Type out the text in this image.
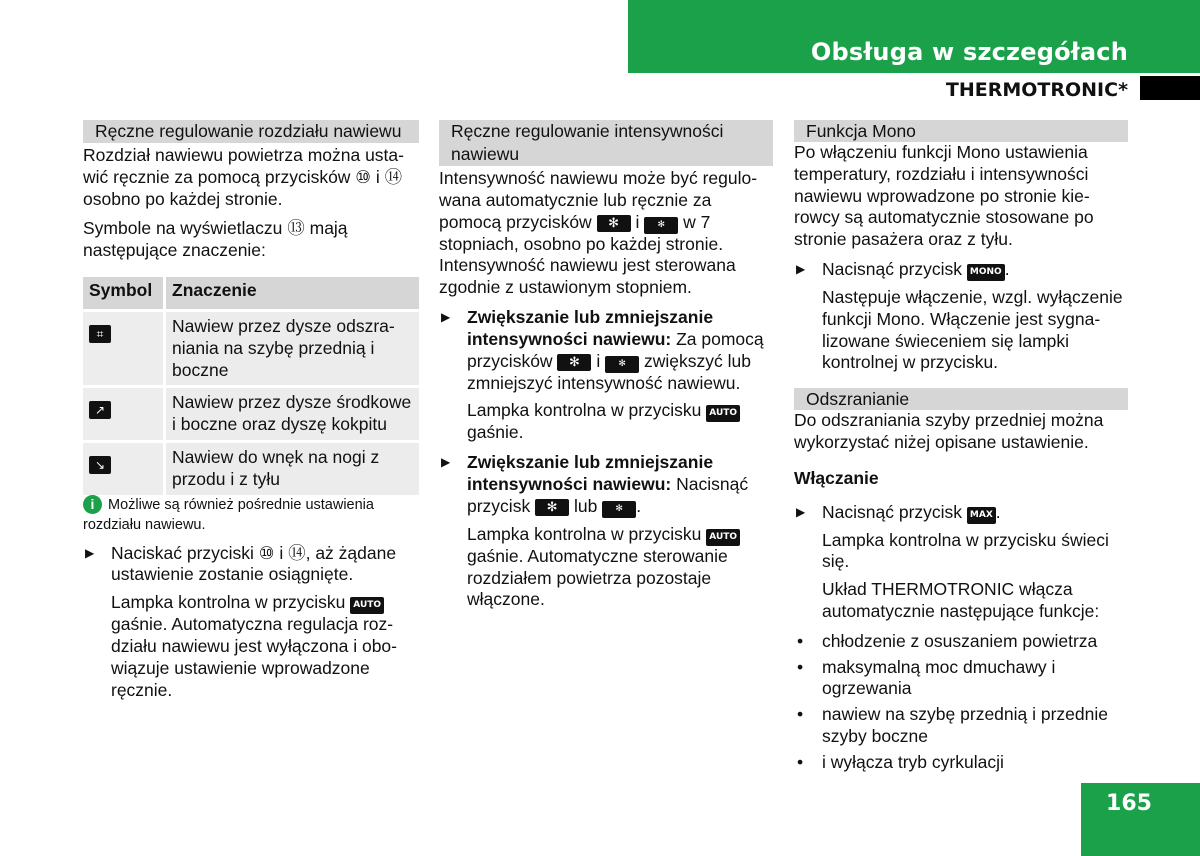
Obsługa w szczegółach
THERMOTRONIC*
Ręczne regulowanie rozdziału nawiewu

Rozdział nawiewu powietrza można usta-wić ręcznie za pomocą przycisków ⑩ i ⑭ osobno po każdej stronie.

Symbole na wyświetlaczu ⑬ mają następujące znaczenie:

Symbol	Znaczenie
⌗	Nawiew przez dysze odszra-niania na szybę przednią i boczne
↗	Nawiew przez dysze środkowe i boczne oraz dyszę kokpitu
↘	Nawiew do wnęk na nogi z przodu i z tyłu

i Możliwe są również pośrednie ustawienia rozdziału nawiewu.

▶ Naciskać przyciski ⑩ i ⑭, aż żądane ustawienie zostanie osiągnięte.

Lampka kontrolna w przycisku AUTO gaśnie. Automatyczna regulacja roz-działu nawiewu jest wyłączona i obo-wiązuje ustawienie wprowadzone ręcznie.

Ręczne regulowanie intensywności nawiewu

Intensywność nawiewu może być regulo-wana automatycznie lub ręcznie za pomocą przycisków ✻ i ✻ w 7 stopniach, osobno po każdej stronie.

Intensywność nawiewu jest sterowana zgodnie z ustawionym stopniem.

▶ Zwiększanie lub zmniejszanie intensywności nawiewu: Za pomocą przycisków ✻ i ✻ zwiększyć lub zmniejszyć intensywność nawiewu.

Lampka kontrolna w przycisku AUTO gaśnie.

▶ Zwiększanie lub zmniejszanie intensywności nawiewu: Nacisnąć przycisk ✻ lub ✻ .

Lampka kontrolna w przycisku AUTO gaśnie. Automatyczne sterowanie rozdziałem powietrza pozostaje włączone.

Funkcja Mono

Po włączeniu funkcji Mono ustawienia temperatury, rozdziału i intensywności nawiewu wprowadzone po stronie kie-rowcy są automatycznie stosowane po stronie pasażera oraz z tyłu.

▶ Nacisnąć przycisk MONO .

Następuje włączenie, wzgl. wyłączenie funkcji Mono. Włączenie jest sygna-lizowane świeceniem się lampki kontrolnej w przycisku.

Odszranianie

Do odszraniania szyby przedniej można wykorzystać niżej opisane ustawienie.

Włączanie

▶ Nacisnąć przycisk MAX .

Lampka kontrolna w przycisku świeci się.

Układ THERMOTRONIC włącza automatycznie następujące funkcje:

• chłodzenie z osuszaniem powietrza

• maksymalną moc dmuchawy i ogrzewania

• nawiew na szybę przednią i przednie szyby boczne

• i wyłącza tryb cyrkulacji

165
